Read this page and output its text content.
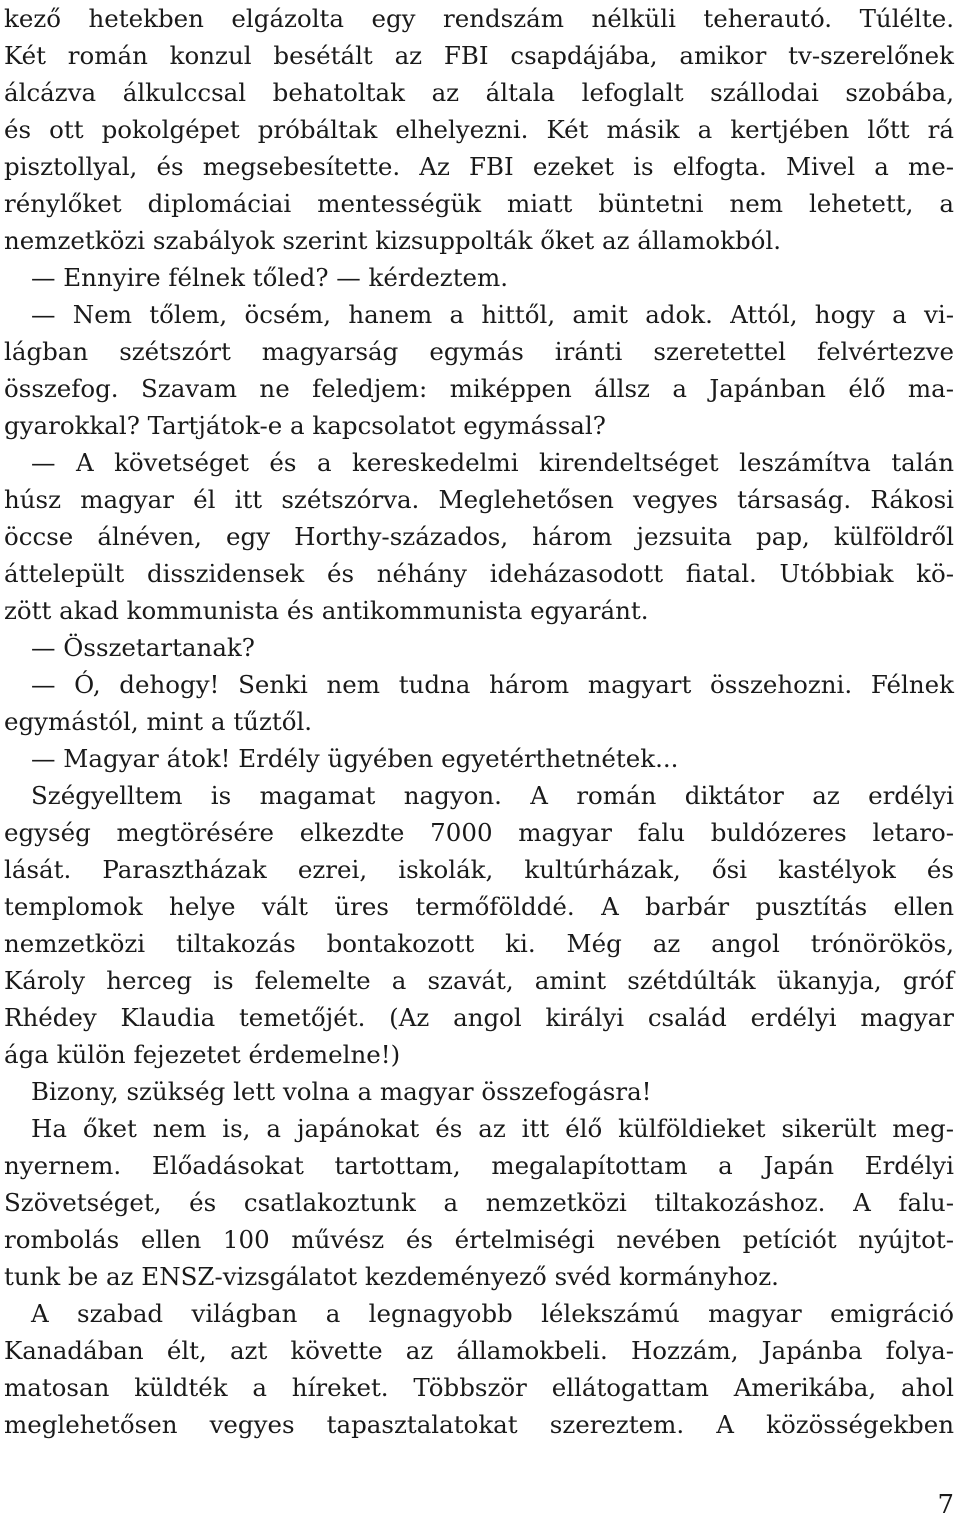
kező hetekben elgázolta egy rendszám nélküli teherautó. Túlélte.
Két román konzul besétált az FBI csapdájába, amikor tv-szerelőnek
álcázva álkulccsal behatoltak az általa lefoglalt szállodai szobába,
és ott pokolgépet próbáltak elhelyezni. Két másik a kertjében lőtt rá
pisztollyal, és megsebesítette. Az FBI ezeket is elfogta. Mivel a me-
rénylőket diplomáciai mentességük miatt büntetni nem lehetett, a
nemzetközi szabályok szerint kizsuppolták őket az államokból.
— Ennyire félnek tőled? — kérdeztem.
— Nem tőlem, öcsém, hanem a hittől, amit adok. Attól, hogy a vi-
lágban szétszórt magyarság egymás iránti szeretettel felvértezve
összefog. Szavam ne feledjem: miképpen állsz a Japánban élő ma-
gyarokkal? Tartjátok-e a kapcsolatot egymással?
— A követséget és a kereskedelmi kirendeltséget leszámítva talán
húsz magyar él itt szétszórva. Meglehetősen vegyes társaság. Rákosi
öccse álnéven, egy Horthy-százados, három jezsuita pap, külföldről
áttelepült disszidensek és néhány ideházasodott fiatal. Utóbbiak kö-
zött akad kommunista és antikommunista egyaránt.
— Összetartanak?
— Ó, dehogy! Senki nem tudna három magyart összehozni. Félnek
egymástól, mint a tűztől.
— Magyar átok! Erdély ügyében egyetérthetnétek...
Szégyelltem is magamat nagyon. A román diktátor az erdélyi
egység megtörésére elkezdte 7000 magyar falu buldózeres letaro-
lását. Parasztházak ezrei, iskolák, kultúrházak, ősi kastélyok és
templomok helye vált üres termőfölddé. A barbár pusztítás ellen
nemzetközi tiltakozás bontakozott ki. Még az angol trónörökös,
Károly herceg is felemelte a szavát, amint szétdúlták ükanyja, gróf
Rhédey Klaudia temetőjét. (Az angol királyi család erdélyi magyar
ága külön fejezetet érdemelne!)
Bizony, szükség lett volna a magyar összefogásra!
Ha őket nem is, a japánokat és az itt élő külföldieket sikerült meg-
nyernem. Előadásokat tartottam, megalapítottam a Japán Erdélyi
Szövetséget, és csatlakoztunk a nemzetközi tiltakozáshoz. A falu-
rombolás ellen 100 művész és értelmiségi nevében petíciót nyújtot-
tunk be az ENSZ-vizsgálatot kezdeményező svéd kormányhoz.
A szabad világban a legnagyobb lélekszámú magyar emigráció
Kanadában élt, azt követte az államokbeli. Hozzám, Japánba folya-
matosan küldték a híreket. Többször ellátogattam Amerikába, ahol
meglehetősen vegyes tapasztalatokat szereztem. A közösségekben
7
